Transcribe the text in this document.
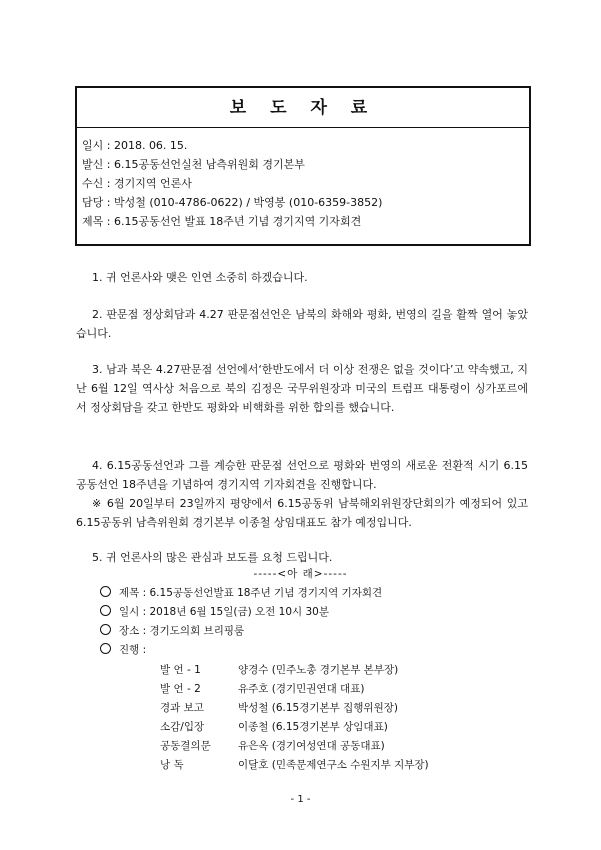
보 도 자 료
일시 : 2018. 06. 15.
발신 : 6.15공동선언실천 남측위원회 경기본부
수신 : 경기지역 언론사
담당 : 박성철 (010-4786-0622) / 박영봉 (010-6359-3852)
제목 : 6.15공동선언 발표 18주년 기념 경기지역 기자회견

1. 귀 언론사와 맺은 인연 소중히 하겠습니다.

2. 판문점 정상회담과 4.27 판문점선언은 남북의 화해와 평화, 번영의 길을 활짝 열어 놓았습니다.

3. 남과 북은 4.27판문점 선언에서‘한반도에서 더 이상 전쟁은 없을 것이다’고 약속했고, 지난 6월 12일 역사상 처음으로 북의 김정은 국무위원장과 미국의 트럼프 대통령이 싱가포르에서 정상회담을 갖고 한반도 평화와 비핵화를 위한 합의를 했습니다.

4. 6.15공동선언과 그를 계승한 판문점 선언으로 평화와 번영의 새로운 전환적 시기 6.15공동선언 18주년을 기념하여 경기지역 기자회견을 진행합니다.

※ 6월 20일부터 23일까지 평양에서 6.15공동위 남북해외위원장단회의가 예정되어 있고 6.15공동위 남측위원회 경기본부 이종철 상임대표도 참가 예정입니다.

5. 귀 언론사의 많은 관심과 보도를 요청 드립니다.

-----<아 래>-----
제목 : 6.15공동선언발표 18주년 기념 경기지역 기자회견
일시 : 2018년 6월 15일(금) 오전 10시 30분
장소 : 경기도의회 브리핑룸
진행 :
발 언 - 1	양경수 (민주노총 경기본부 본부장)
발 언 - 2	유주호 (경기민권연대 대표)
경과 보고	박성철 (6.15경기본부 집행위원장)
소감/입장	이종철 (6.15경기본부 상임대표)
공동결의문	유은옥 (경기여성연대 공동대표)
낭 독	이달호 (민족문제연구소 수원지부 지부장)
- 1 -
